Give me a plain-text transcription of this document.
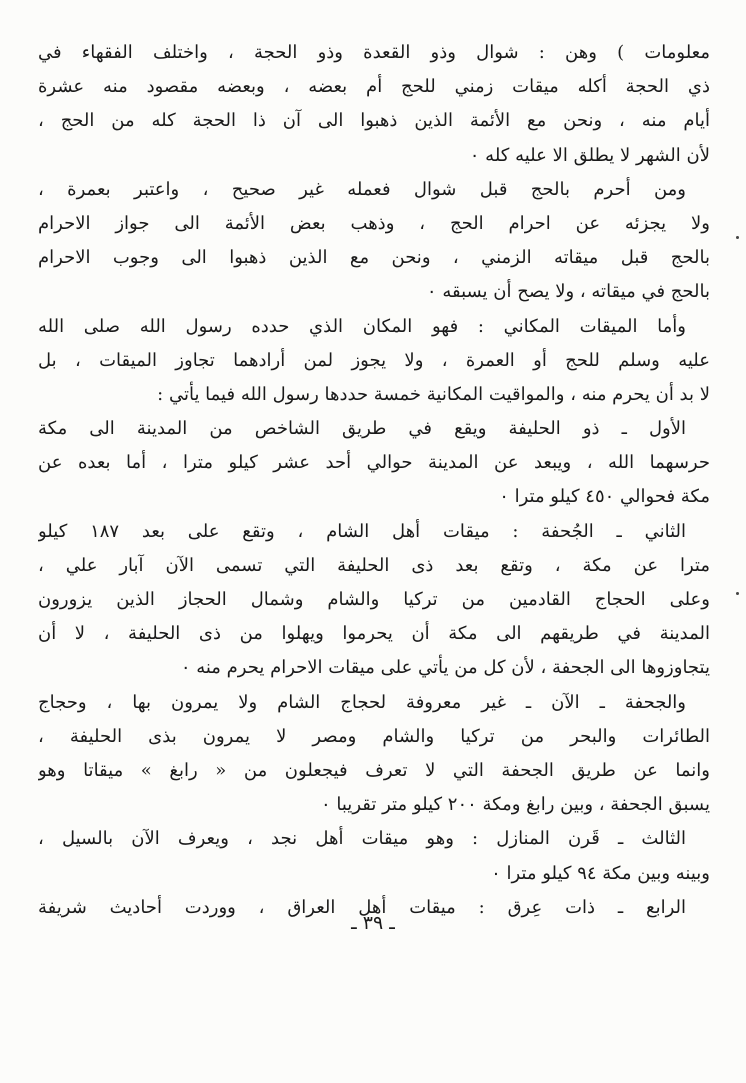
معلومات ) وهن : شوال وذو القعدة وذو الحجة ، واختلف الفقهاء في
ذي الحجة أكله ميقات زمني للحج أم بعضه ، وبعضه مقصود منه عشرة
أيام منه ، ونحن مع الأئمة الذين ذهبوا الى آن ذا الحجة كله من الحج ،
لأن الشهر لا يطلق الا عليه كله ٠
ومن أحرم بالحج قبل شوال فعمله غير صحيح ، واعتبر بعمرة ،
ولا يجزئه عن احرام الحج ، وذهب بعض الأئمة الى جواز الاحرام
بالحج قبل ميقاته الزمني ، ونحن مع الذين ذهبوا الى وجوب الاحرام
بالحج في ميقاته ، ولا يصح أن يسبقه ٠
وأما الميقات المكاني : فهو المكان الذي حدده رسول الله صلى الله
عليه وسلم للحج أو العمرة ، ولا يجوز لمن أرادهما تجاوز الميقات ، بل
لا بد أن يحرم منه ، والمواقيت المكانية خمسة حددها رسول الله فيما يأتي :
الأول ـ ذو الحليفة ويقع في طريق الشاخص من المدينة الى مكة
حرسهما الله ، ويبعد عن المدينة حوالي أحد عشر كيلو مترا ، أما بعده عن
مكة فحوالي ٤٥٠ كيلو مترا ٠
الثاني ـ الجُحفة : ميقات أهل الشام ، وتقع على بعد ١٨٧ كيلو
مترا عن مكة ، وتقع بعد ذى الحليفة التي تسمى الآن آبار علي ،
وعلى الحجاج القادمين من تركيا والشام وشمال الحجاز الذين يزورون
المدينة في طريقهم الى مكة أن يحرموا ويهلوا من ذى الحليفة ، لا أن
يتجاوزوها الى الجحفة ، لأن كل من يأتي على ميقات الاحرام يحرم منه ٠
والجحفة ـ الآن ـ غير معروفة لحجاج الشام ولا يمرون بها ، وحجاج
الطائرات والبحر من تركيا والشام ومصر لا يمرون بذى الحليفة ،
وانما عن طريق الجحفة التي لا تعرف فيجعلون من « رابغ » ميقاتا وهو
يسبق الجحفة ، وبين رابغ ومكة ٢٠٠ كيلو متر تقريبا ٠
الثالث ـ قَرن المنازل : وهو ميقات أهل نجد ، ويعرف الآن بالسيل ،
وبينه وبين مكة ٩٤ كيلو مترا ٠
الرابع ـ ذات عِرق : ميقات أهل العراق ، ووردت أحاديث شريفة
ـ ٣٩ ـ
